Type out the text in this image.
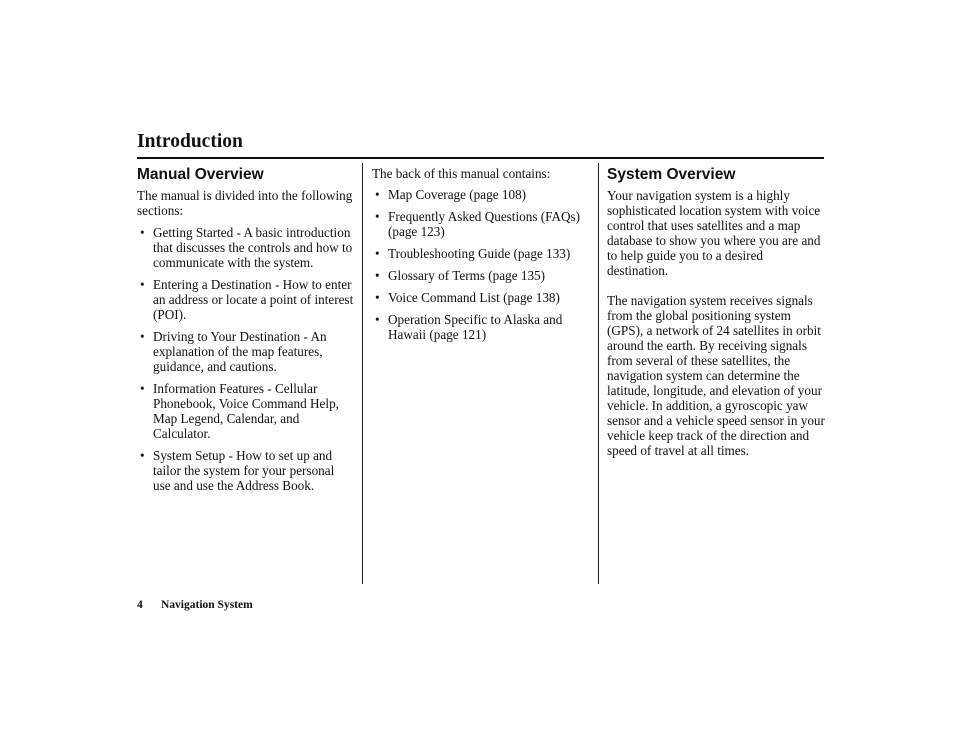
Introduction
Manual Overview

The manual is divided into the following sections:

• Getting Started - A basic introduction that discusses the controls and how to communicate with the system.
• Entering a Destination - How to enter an address or locate a point of interest (POI).
• Driving to Your Destination - An explanation of the map features, guidance, and cautions.
• Information Features - Cellular Phonebook, Voice Command Help, Map Legend, Calendar, and Calculator.
• System Setup - How to set up and tailor the system for your personal use and use the Address Book.

The back of this manual contains:

• Map Coverage (page 108)
• Frequently Asked Questions (FAQs) (page 123)
• Troubleshooting Guide (page 133)
• Glossary of Terms (page 135)
• Voice Command List (page 138)
• Operation Specific to Alaska and Hawaii (page 121)
System Overview

Your navigation system is a highly sophisticated location system with voice control that uses satellites and a map database to show you where you are and to help guide you to a desired destination.

The navigation system receives signals from the global positioning system (GPS), a network of 24 satellites in orbit around the earth. By receiving signals from several of these satellites, the navigation system can determine the latitude, longitude, and elevation of your vehicle. In addition, a gyroscopic yaw sensor and a vehicle speed sensor in your vehicle keep track of the direction and speed of travel at all times.

4 Navigation System
